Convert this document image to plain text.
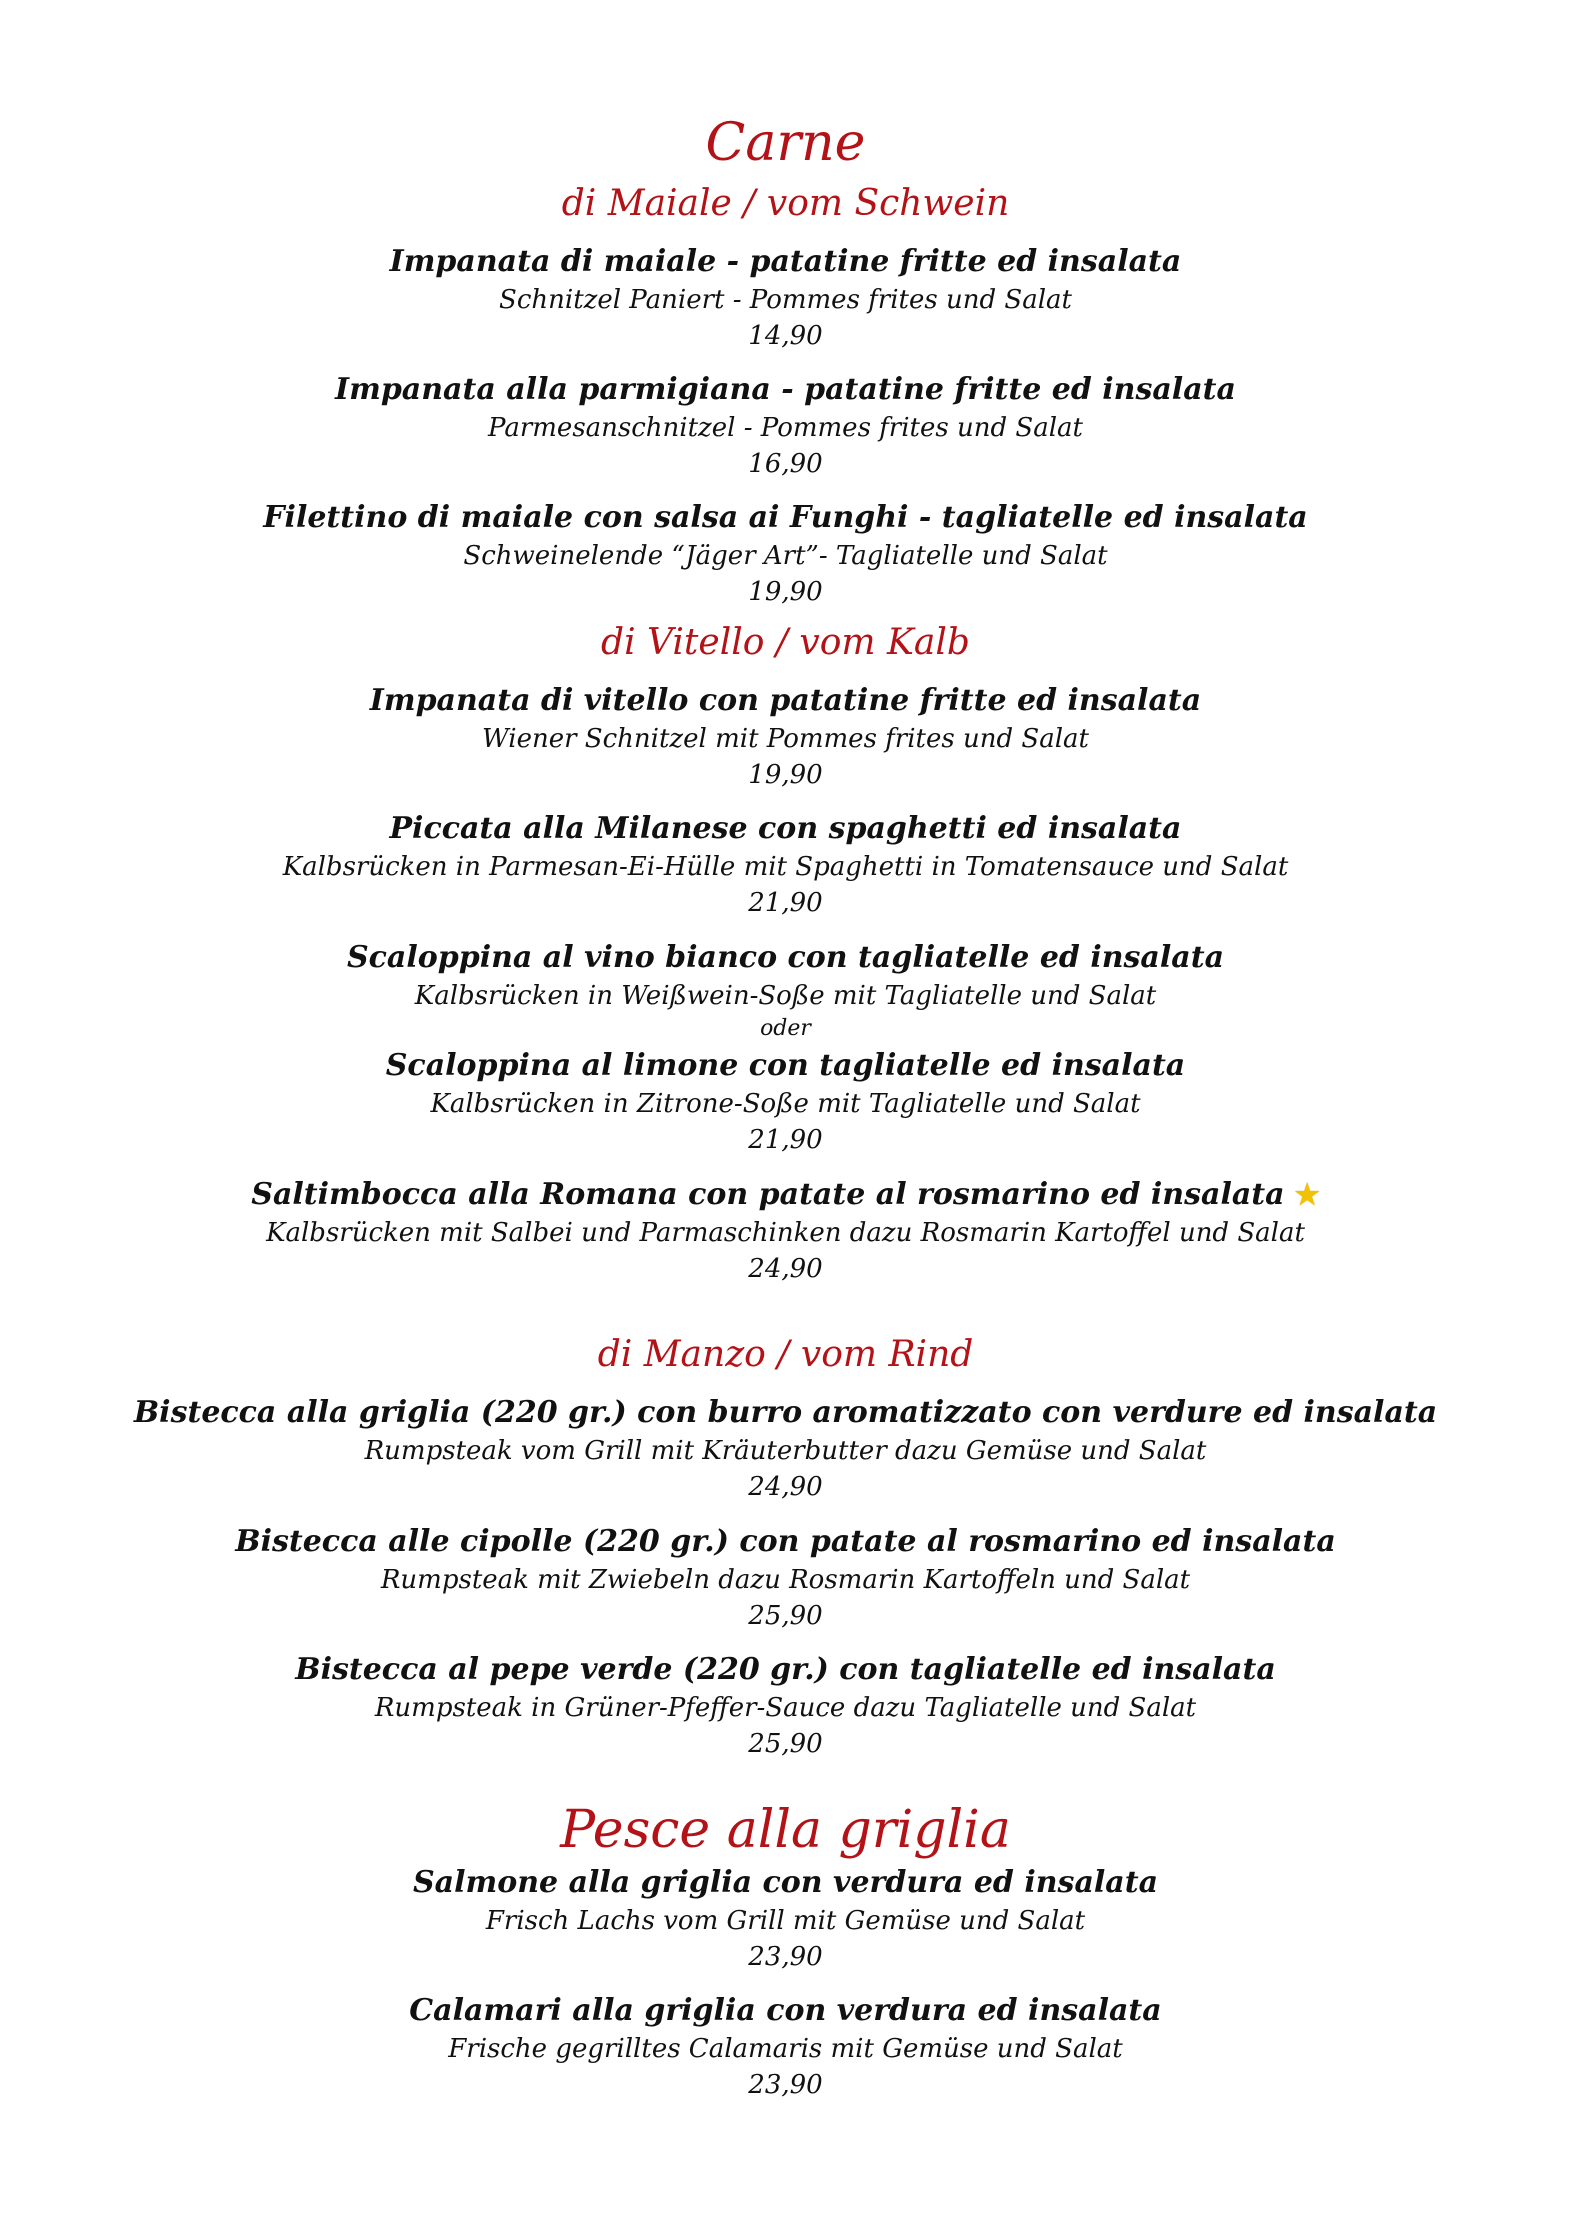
Carne
di Maiale / vom Schwein
Impanata di maiale - patatine fritte ed insalata
Schnitzel Paniert - Pommes frites und Salat
14,90
Impanata alla parmigiana - patatine fritte ed insalata
Parmesanschnitzel - Pommes frites und Salat
16,90
Filettino di maiale con salsa ai Funghi - tagliatelle ed insalata
Schweinelende “Jäger Art”- Tagliatelle und Salat
19,90
di Vitello / vom Kalb
Impanata di vitello con patatine fritte ed insalata
Wiener Schnitzel mit Pommes frites und Salat
19,90
Piccata alla Milanese con spaghetti ed insalata
Kalbsrücken in Parmesan-Ei-Hülle mit Spaghetti in Tomatensauce und Salat
21,90
Scaloppina al vino bianco con tagliatelle ed insalata
Kalbsrücken in Weißwein-Soße mit Tagliatelle und Salat
oder
Scaloppina al limone con tagliatelle ed insalata
Kalbsrücken in Zitrone-Soße mit Tagliatelle und Salat
21,90
Saltimbocca alla Romana con patate al rosmarino ed insalata ★
Kalbsrücken mit Salbei und Parmaschinken dazu Rosmarin Kartoffel und Salat
24,90
di Manzo / vom Rind
Bistecca alla griglia (220 gr.) con burro aromatizzato con verdure ed insalata
Rumpsteak vom Grill mit Kräuterbutter dazu Gemüse und Salat
24,90
Bistecca alle cipolle (220 gr.) con patate al rosmarino ed insalata
Rumpsteak mit Zwiebeln dazu Rosmarin Kartoffeln und Salat
25,90
Bistecca al pepe verde (220 gr.) con tagliatelle ed insalata
Rumpsteak in Grüner-Pfeffer-Sauce dazu Tagliatelle und Salat
25,90
Pesce alla griglia
Salmone alla griglia con verdura ed insalata
Frisch Lachs vom Grill mit Gemüse und Salat
23,90
Calamari alla griglia con verdura ed insalata
Frische gegrilltes Calamaris mit Gemüse und Salat
23,90
